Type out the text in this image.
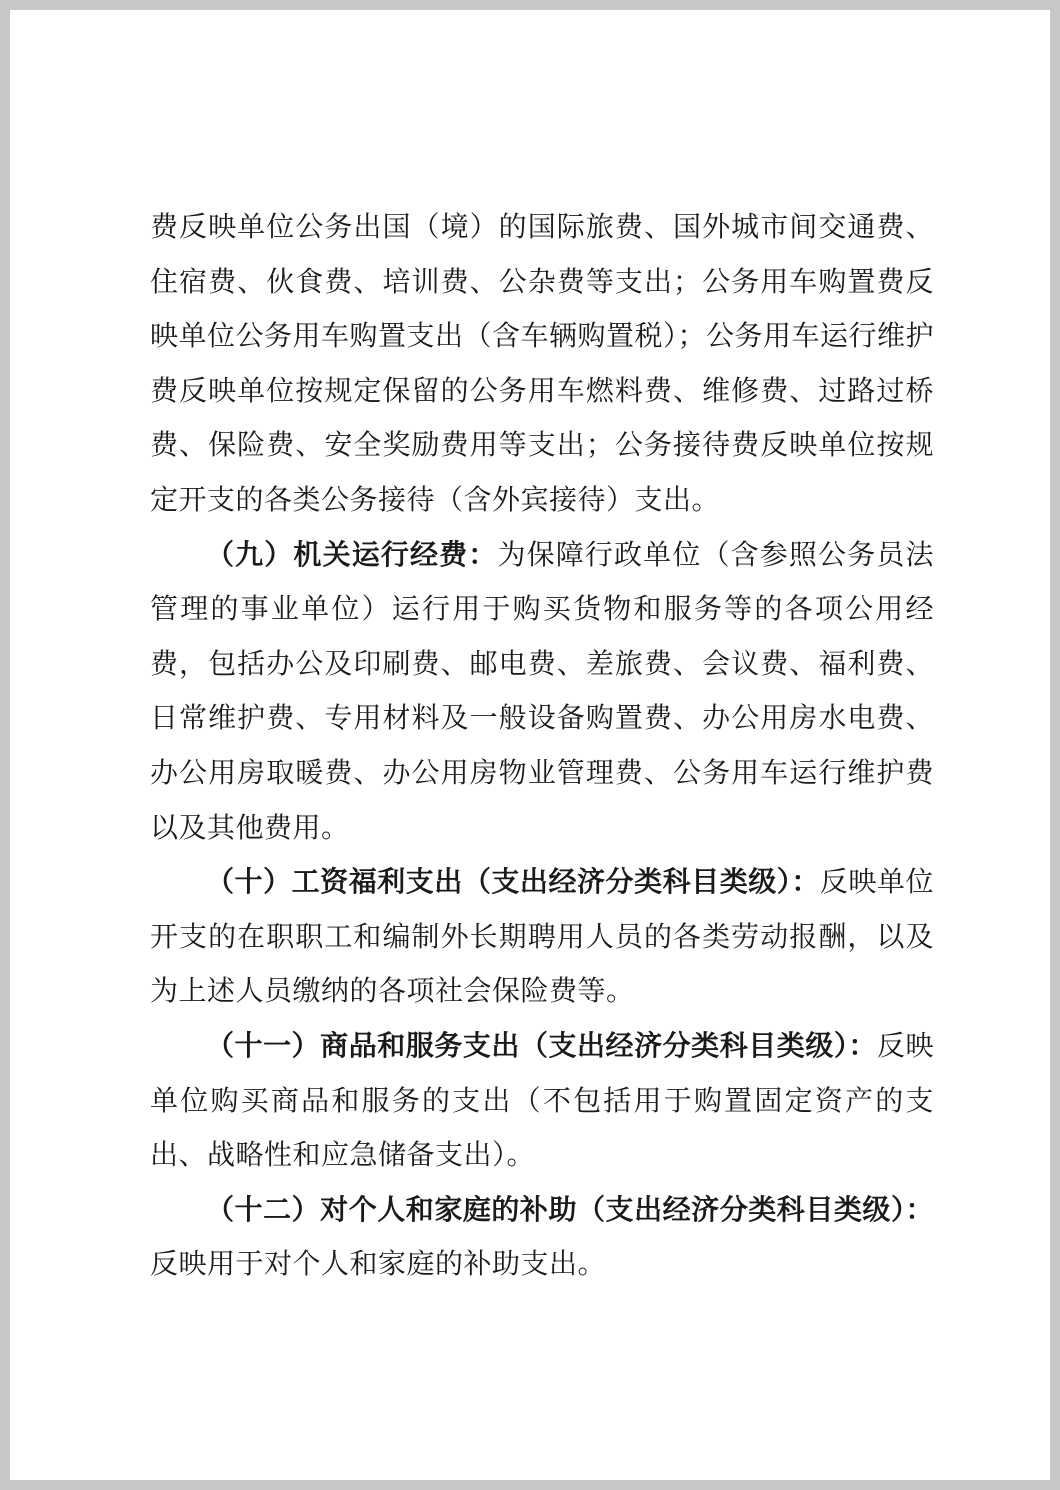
费反映单位公务出国（境）的国际旅费、国外城市间交通费、住宿费、伙食费、培训费、公杂费等支出；公务用车购置费反映单位公务用车购置支出（含车辆购置税）；公务用车运行维护费反映单位按规定保留的公务用车燃料费、维修费、过路过桥费、保险费、安全奖励费用等支出；公务接待费反映单位按规定开支的各类公务接待（含外宾接待）支出。

（九）机关运行经费：为保障行政单位（含参照公务员法管理的事业单位）运行用于购买货物和服务等的各项公用经费，包括办公及印刷费、邮电费、差旅费、会议费、福利费、日常维护费、专用材料及一般设备购置费、办公用房水电费、办公用房取暖费、办公用房物业管理费、公务用车运行维护费以及其他费用。

（十）工资福利支出（支出经济分类科目类级）：反映单位开支的在职职工和编制外长期聘用人员的各类劳动报酬，以及为上述人员缴纳的各项社会保险费等。

（十一）商品和服务支出（支出经济分类科目类级）：反映单位购买商品和服务的支出（不包括用于购置固定资产的支出、战略性和应急储备支出）。

（十二）对个人和家庭的补助（支出经济分类科目类级）：反映用于对个人和家庭的补助支出。
